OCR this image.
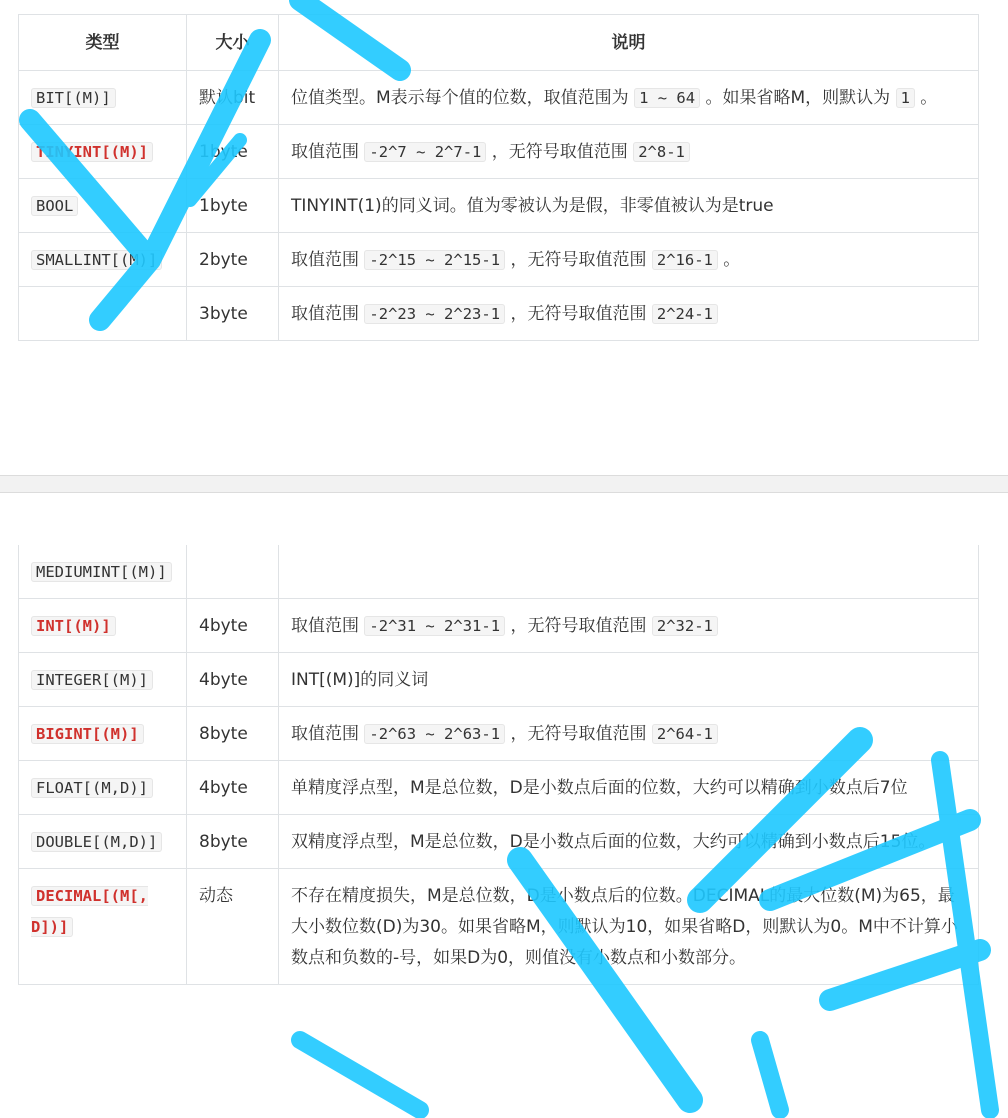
类型	大小	说明
BIT[(M)]	默认bit	位值类型。M表示每个值的位数，取值范围为 1 ~ 64 。如果省略M，则默认为 1 。
TINYINT[(M)]	1byte	取值范围 -2^7 ~ 2^7-1 ，无符号取值范围 2^8-1
BOOL	1byte	TINYINT(1)的同义词。值为零被认为是假，非零值被认为是true
SMALLINT[(M)]	2byte	取值范围 -2^15 ~ 2^15-1 ，无符号取值范围 2^16-1 。
	3byte	取值范围 -2^23 ~ 2^23-1 ，无符号取值范围 2^24-1
MEDIUMINT[(M)]		
INT[(M)]	4byte	取值范围 -2^31 ~ 2^31-1 ，无符号取值范围 2^32-1
INTEGER[(M)]	4byte	INT[(M)]的同义词
BIGINT[(M)]	8byte	取值范围 -2^63 ~ 2^63-1 ，无符号取值范围 2^64-1
FLOAT[(M,D)]	4byte	单精度浮点型，M是总位数，D是小数点后面的位数，大约可以精确到小数点后7位
DOUBLE[(M,D)]	8byte	双精度浮点型，M是总位数，D是小数点后面的位数，大约可以精确到小数点后15位。
DECIMAL[(M[,D])]	动态	不存在精度损失，M是总位数，D是小数点后的位数。DECIMAL的最大位数(M)为65，最大小数位数(D)为30。如果省略M，则默认为10，如果省略D，则默认为0。M中不计算小数点和负数的-号，如果D为0，则值没有小数点和小数部分。
